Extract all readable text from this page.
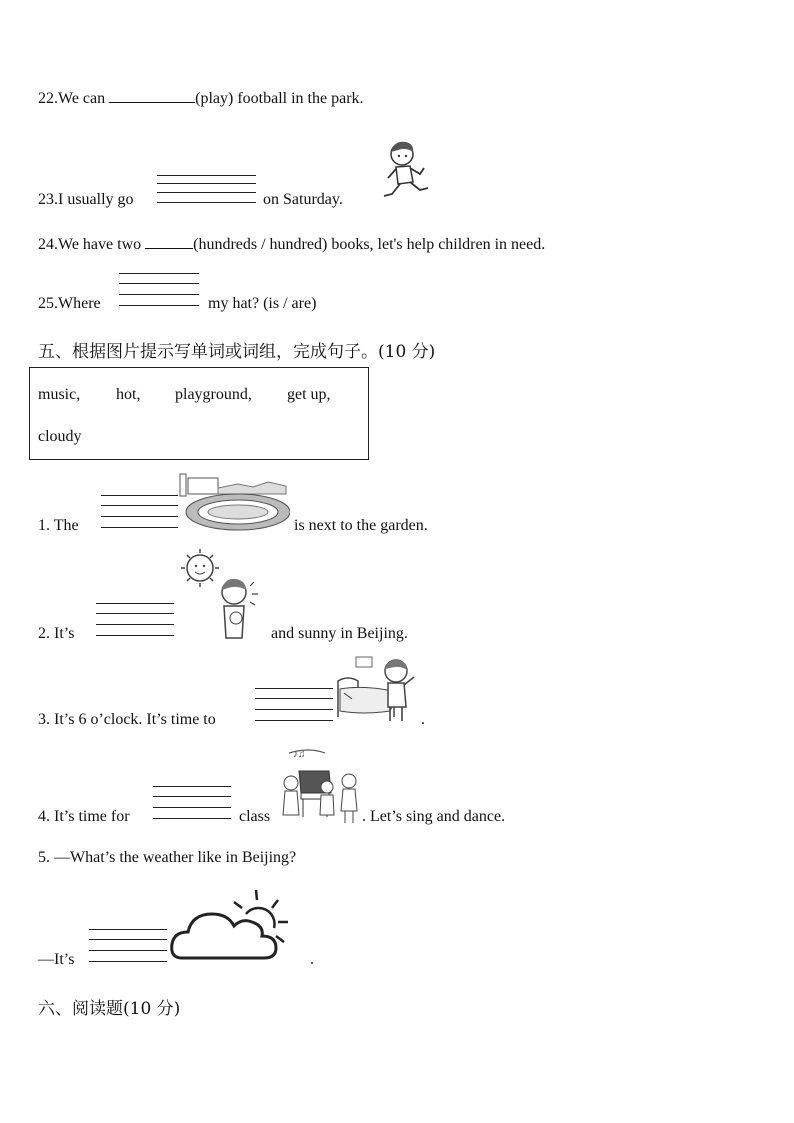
22.We can	(play) football in the park.
23.I usually go	on Saturday.
24.We have two	(hundreds / hundred) books, let's help children in need.
25.Where	my hat? (is / are)
五、根据图片提示写单词或词组，完成句子。(10 分)
music, hot, playground, get up,
cloudy
1. The	is next to the garden.
2. It’s	and sunny in Beijing.
3. It’s 6 o’clock. It’s time to	.
4. It’s time for	class
♪♫
. Let’s sing and dance.
5. —What’s the weather like in Beijing?
—It’s	.
六、阅读题(10 分)
